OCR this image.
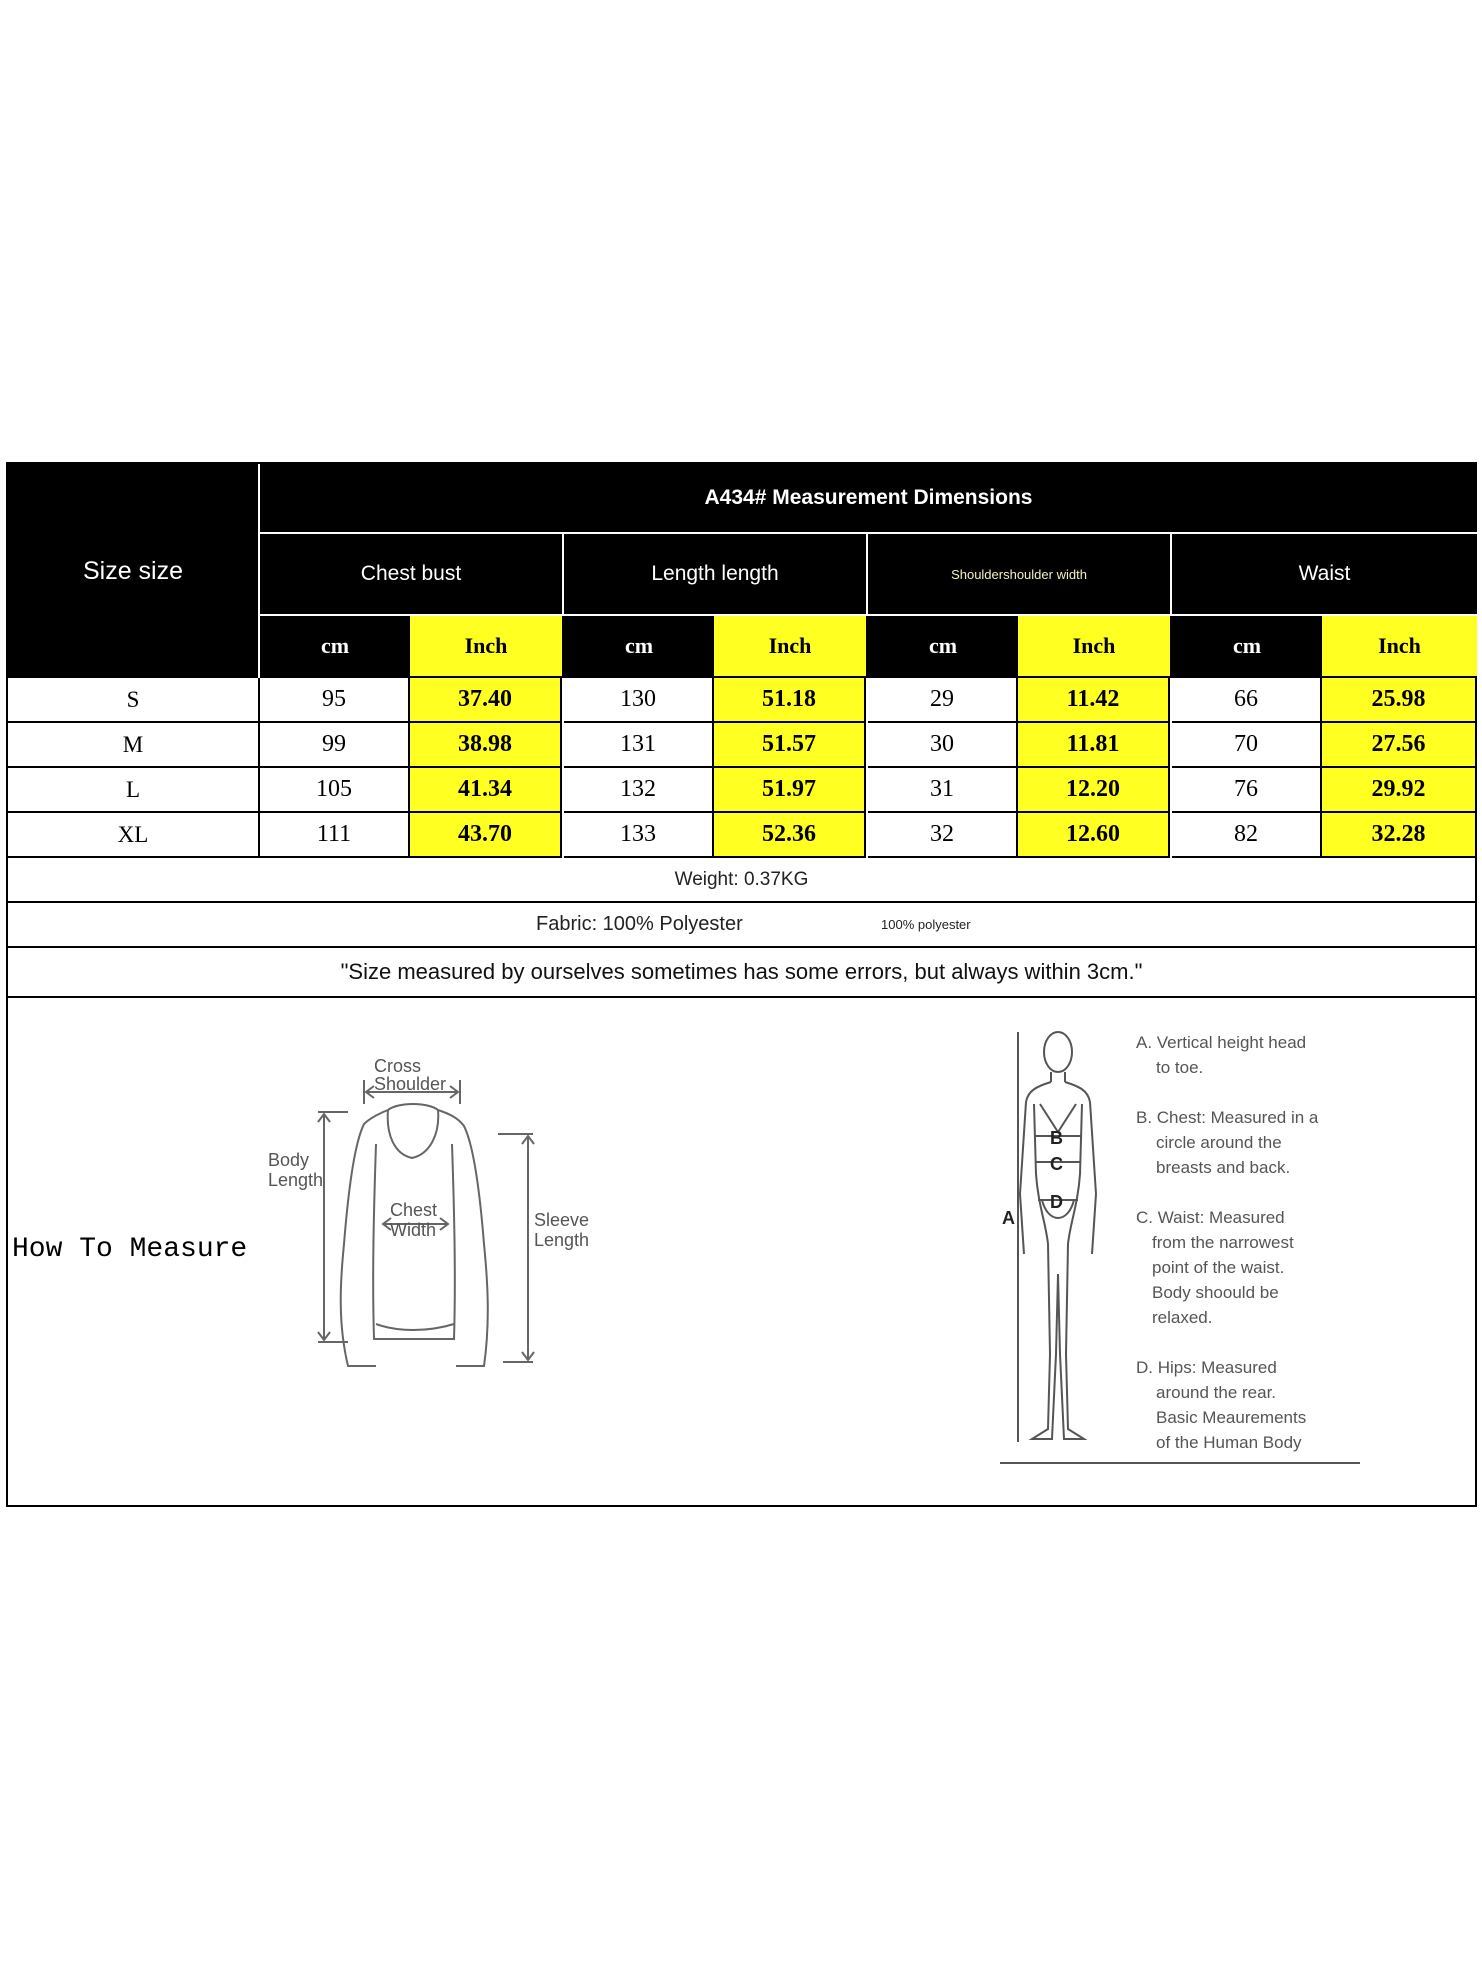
Size size
A434# Measurement Dimensions
Chest bust	Length length	Shouldershoulder width	Waist
cm	Inch	cm	Inch	cm	Inch	cm	Inch
S	95	37.40	130	51.18	29	11.42	66	25.98
M	99	38.98	131	51.57	30	11.81	70	27.56
L	105	41.34	132	51.97	31	12.20	76	29.92
XL	111	43.70	133	52.36	32	12.60	82	32.28
Weight: 0.37KG
Fabric: 100% Polyester	100% polyester
"Size measured by ourselves sometimes has some errors, but always within 3cm."
How To Measure
Cross
Shoulder
Body
Length
Chest
Width	Sleeve
Length
B
C
D
A
A. Vertical height head
to toe.
B. Chest: Measured in a
circle around the
breasts and back.
C. Waist: Measured
from the narrowest
point of the waist.
Body shoould be
relaxed.
D. Hips: Measured
around the rear.
Basic Meaurements
of the Human Body
